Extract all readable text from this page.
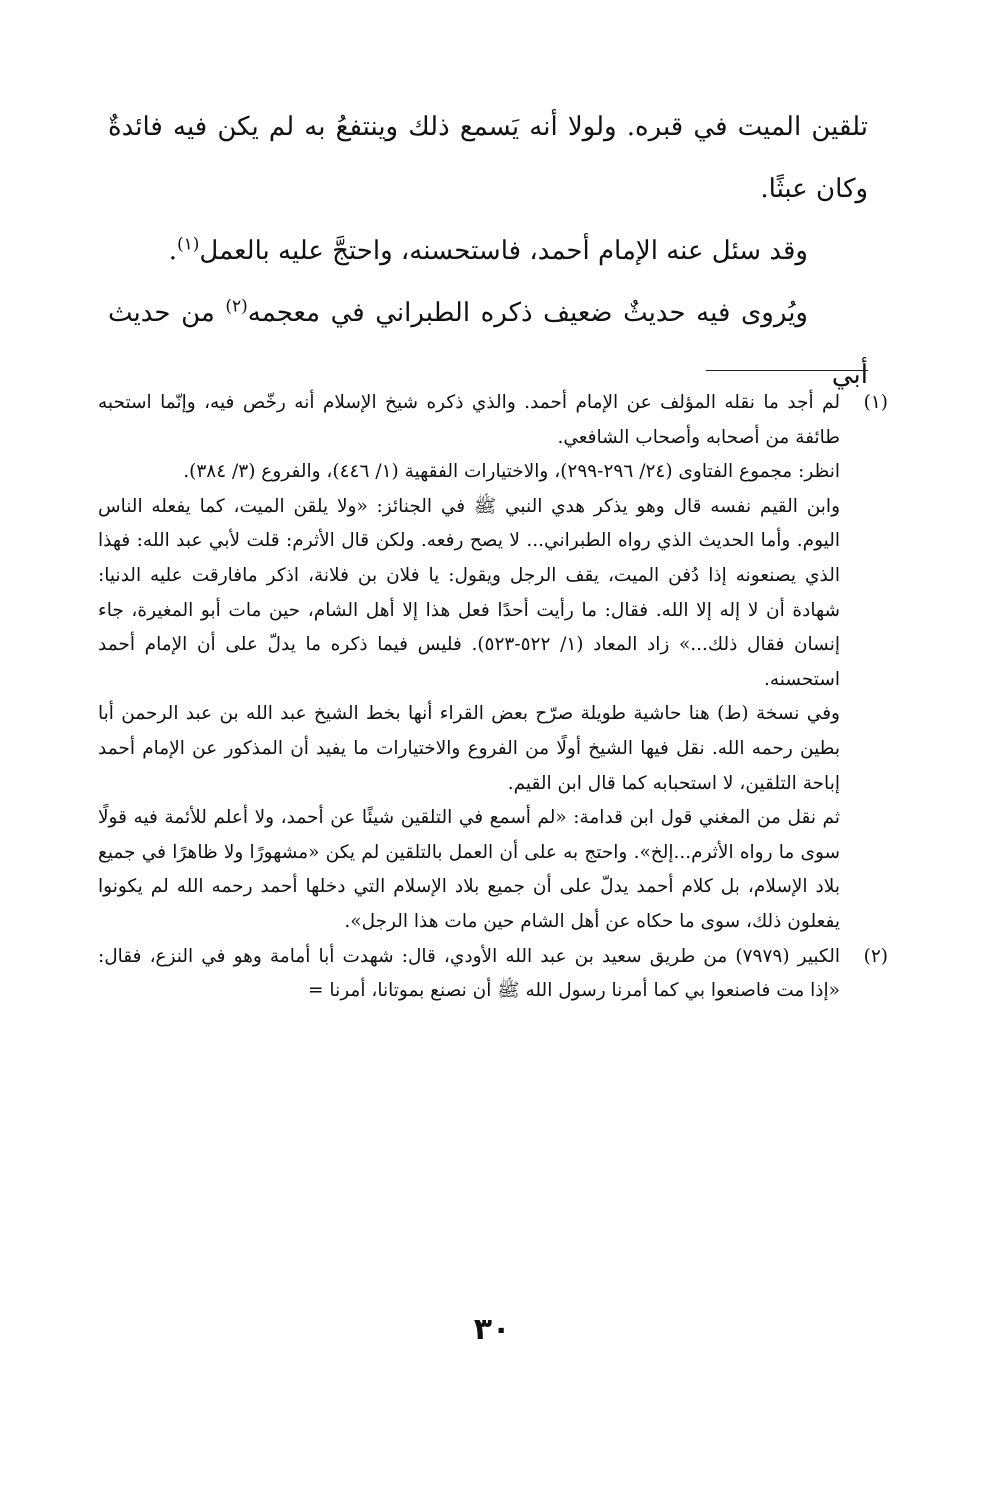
تلقين الميت في قبره. ولولا أنه يَسمع ذلك وينتفعُ به لم يكن فيه فائدةٌ وكان عبثًا.

وقد سئل عنه الإمام أحمد، فاستحسنه، واحتجَّ عليه بالعمل$^{(١)}$.

ويُروى فيه حديثٌ ضعيف ذكره الطبراني في معجمه$^{(٢)}$ من حديث أبي

(١)

لم أجد ما نقله المؤلف عن الإمام أحمد. والذي ذكره شيخ الإسلام أنه رخّص فيه، وإنّما استحبه طائفة من أصحابه وأصحاب الشافعي.

انظر: مجموع الفتاوى (٢٤/ ٢٩٦-٢٩٩)، والاختيارات الفقهية (١/ ٤٤٦)، والفروع (٣/ ٣٨٤).

وابن القيم نفسه قال وهو يذكر هدي النبي ﷺ في الجنائز: «ولا يلقن الميت، كما يفعله الناس اليوم. وأما الحديث الذي رواه الطبراني... لا يصح رفعه. ولكن قال الأثرم: قلت لأبي عبد الله: فهذا الذي يصنعونه إذا دُفن الميت، يقف الرجل ويقول: يا فلان بن فلانة، اذكر مافارقت عليه الدنيا: شهادة أن لا إله إلا الله. فقال: ما رأيت أحدًا فعل هذا إلا أهل الشام، حين مات أبو المغيرة، جاء إنسان فقال ذلك...» زاد المعاد (١/ ٥٢٢-٥٢٣). فليس فيما ذكره ما يدلّ على أن الإمام أحمد استحسنه.

وفي نسخة (ط) هنا حاشية طويلة صرّح بعض القراء أنها بخط الشيخ عبد الله بن عبد الرحمن أبا بطين رحمه الله. نقل فيها الشيخ أولًا من الفروع والاختيارات ما يفيد أن المذكور عن الإمام أحمد إباحة التلقين، لا استحبابه كما قال ابن القيم.

ثم نقل من المغني قول ابن قدامة: «لم أسمع في التلقين شيئًا عن أحمد، ولا أعلم للأئمة فيه قولًا سوى ما رواه الأثرم...إلخ». واحتج به على أن العمل بالتلقين لم يكن «مشهورًا ولا ظاهرًا في جميع بلاد الإسلام، بل كلام أحمد يدلّ على أن جميع بلاد الإسلام التي دخلها أحمد رحمه الله لم يكونوا يفعلون ذلك، سوى ما حكاه عن أهل الشام حين مات هذا الرجل».

(٢)

الكبير (٧٩٧٩) من طريق سعيد بن عبد الله الأودي، قال: شهدت أبا أمامة وهو في النزع، فقال: «إذا مت فاصنعوا بي كما أمرنا رسول الله ﷺ أن نصنع بموتانا، أمرنا =

٣٠
